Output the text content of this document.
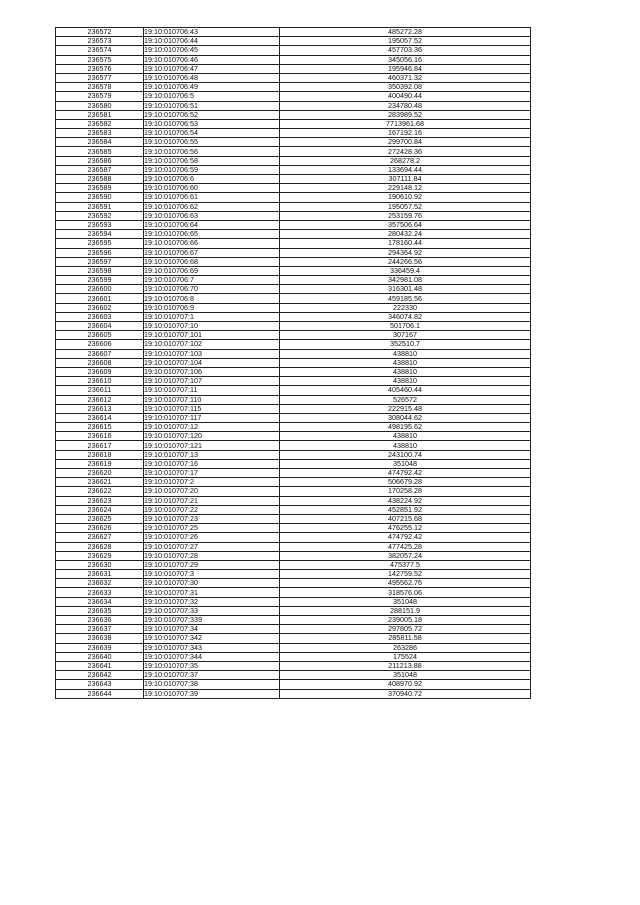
236572	19:10:010706:43	485272.28
236573	19:10:010706:44	195057.52
236574	19:10:010706:45	457703.36
236575	19:10:010706:46	345056.16
236576	19:10:010706:47	195946.84
236577	19:10:010706:48	460371.32
236578	19:10:010706:49	350392.08
236579	19:10:010706:5	400490.44
236580	19:10:010706:51	234780.48
236581	19:10:010706:52	283989.52
236582	19:10:010706:53	7713961.68
236583	19:10:010706:54	167192.16
236584	19:10:010706:55	299700.84
236585	19:10:010706:56	272428.36
236586	19:10:010706:58	268278.2
236587	19:10:010706:59	133694.44
236588	19:10:010706:6	307111.84
236589	19:10:010706:60	229148.12
236590	19:10:010706:61	190610.92
236591	19:10:010706:62	195057.52
236592	19:10:010706:63	253159.76
236593	19:10:010706:64	357506.64
236594	19:10:010706:65	280432.24
236595	19:10:010706:66	178160.44
236596	19:10:010706:67	294364.92
236597	19:10:010706:68	244266.56
236598	19:10:010706:69	336459.4
236599	19:10:010706:7	342981.08
236600	19:10:010706:70	316301.48
236601	19:10:010706:8	459185.56
236602	19:10:010706:9	222330
236603	19:10:010707:1	346074.82
236604	19:10:010707:10	501706.1
236605	19:10:010707:101	307167
236606	19:10:010707:102	352510.7
236607	19:10:010707:103	438810
236608	19:10:010707:104	438810
236609	19:10:010707:106	438810
236610	19:10:010707:107	438810
236611	19:10:010707:11	405460.44
236612	19:10:010707:110	526572
236613	19:10:010707:115	222915.48
236614	19:10:010707:117	308044.62
236615	19:10:010707:12	498195.62
236616	19:10:010707:120	438810
236617	19:10:010707:121	438810
236618	19:10:010707:13	243100.74
236619	19:10:010707:16	351048
236620	19:10:010707:17	474792.42
236621	19:10:010707:2	506679.28
236622	19:10:010707:20	170258.28
236623	19:10:010707:21	438224.92
236624	19:10:010707:22	452851.92
236625	19:10:010707:23	407215.68
236626	19:10:010707:25	476255.12
236627	19:10:010707:26	474792.42
236628	19:10:010707:27	477425.28
236629	19:10:010707:28	382057.24
236630	19:10:010707:29	475377.5
236631	19:10:010707:3	142759.52
236632	19:10:010707:30	495562.76
236633	19:10:010707:31	318576.06
236634	19:10:010707:32	351048
236635	19:10:010707:33	288151.9
236636	19:10:010707:339	239005.18
236637	19:10:010707:34	297805.72
236638	19:10:010707:342	285811.58
236639	19:10:010707:343	263286
236640	19:10:010707:344	175524
236641	19:10:010707:35	211213.88
236642	19:10:010707:37	351048
236643	19:10:010707:38	408970.92
236644	19:10:010707:39	370940.72
